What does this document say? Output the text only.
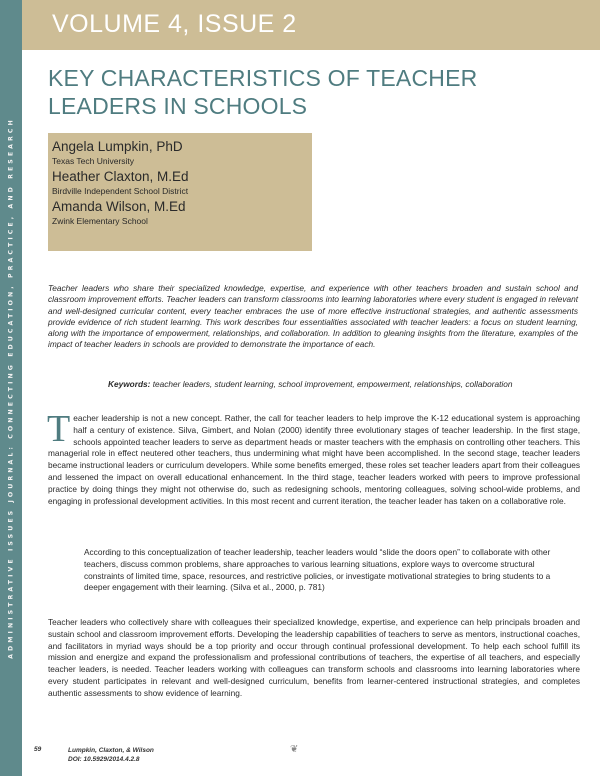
ADMINISTRATIVE ISSUES JOURNAL: CONNECTING EDUCATION, PRACTICE, AND RESEARCH
VOLUME 4, ISSUE 2
KEY CHARACTERISTICS OF TEACHER LEADERS IN SCHOOLS
Angela Lumpkin, PhD
Texas Tech University
Heather Claxton, M.Ed
Birdville Independent School District
Amanda Wilson, M.Ed
Zwink Elementary School

Teacher leaders who share their specialized knowledge, expertise, and experience with other teachers broaden and sustain school and classroom improvement efforts. Teacher leaders can transform classrooms into learning laboratories where every student is engaged in relevant and well-designed curricular content, every teacher embraces the use of more effective instructional strategies, and authentic assessments provide evidence of rich student learning. This work describes four essentialities associated with teacher leaders: a focus on student learning, along with the importance of empowerment, relationships, and collaboration. In addition to gleaning insights from the literature, examples of the impact of teacher leaders in schools are provided to demonstrate the importance of each.

Keywords: teacher leaders, student learning, school improvement, empowerment, relationships, collaboration

Teacher leadership is not a new concept. Rather, the call for teacher leaders to help improve the K-12 educational system is approaching half a century of existence. Silva, Gimbert, and Nolan (2000) identify three evolutionary stages of teacher leadership. In the first stage, schools appointed teacher leaders to serve as department heads or master teachers with the emphasis on controlling other teachers. This managerial role in effect neutered other teachers, thus undermining what might have been accomplished. In the second stage, teacher leaders became instructional leaders or curriculum developers. While some benefits emerged, these roles set teacher leaders apart from their colleagues and lessened the impact on overall educational enhancement. In the third stage, teacher leaders worked with peers to improve professional practice by doing things they might not otherwise do, such as redesigning schools, mentoring colleagues, solving school-wide problems, and engaging in professional development activities. In this most recent and current iteration, the teacher leader has taken on a collaborative role.

According to this conceptualization of teacher leadership, teacher leaders would “slide the doors open” to collaborate with other teachers, discuss common problems, share approaches to various learning situations, explore ways to overcome structural constraints of limited time, space, resources, and restrictive policies, or investigate motivational strategies to bring students to a deeper engagement with their learning. (Silva et al., 2000, p. 781)

Teacher leaders who collectively share with colleagues their specialized knowledge, expertise, and experience can help principals broaden and sustain school and classroom improvement efforts. Developing the leadership capabilities of teachers to serve as mentors, instructional coaches, and facilitators in myriad ways should be a top priority and occur through continual professional development. To help each school fulfill its mission and energize and expand the professionalism and professional contributions of teachers, the expertise of all teachers, and especially teacher leaders, is needed. Teacher leaders working with colleagues can transform schools and classrooms into learning laboratories where every student participates in relevant and well-designed curriculum, benefits from learner-centered instructional strategies, and completes authentic assessments to show evidence of learning.

59	Lumpkin, Claxton, & Wilson
DOI: 10.5929/2014.4.2.8
❦
